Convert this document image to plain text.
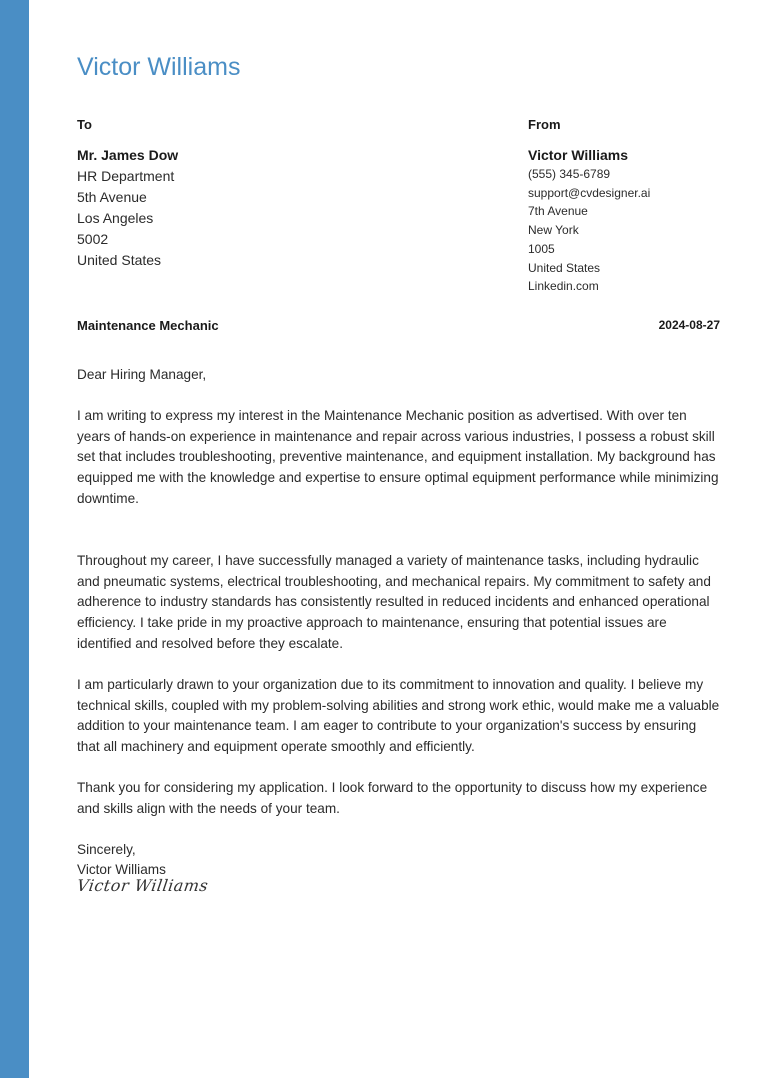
Victor Williams
To	From
Mr. James Dow
HR Department
5th Avenue
Los Angeles
5002
United States
Victor Williams
(555) 345-6789
support@cvdesigner.ai
7th Avenue
New York
1005
United States
Linkedin.com
Maintenance Mechanic	2024-08-27

Dear Hiring Manager,

I am writing to express my interest in the Maintenance Mechanic position as advertised. With over ten years of hands-on experience in maintenance and repair across various industries, I possess a robust skill set that includes troubleshooting, preventive maintenance, and equipment installation. My background has equipped me with the knowledge and expertise to ensure optimal equipment performance while minimizing downtime.

Throughout my career, I have successfully managed a variety of maintenance tasks, including hydraulic and pneumatic systems, electrical troubleshooting, and mechanical repairs. My commitment to safety and adherence to industry standards has consistently resulted in reduced incidents and enhanced operational efficiency. I take pride in my proactive approach to maintenance, ensuring that potential issues are identified and resolved before they escalate.

I am particularly drawn to your organization due to its commitment to innovation and quality. I believe my technical skills, coupled with my problem-solving abilities and strong work ethic, would make me a valuable addition to your maintenance team. I am eager to contribute to your organization's success by ensuring that all machinery and equipment operate smoothly and efficiently.

Thank you for considering my application. I look forward to the opportunity to discuss how my experience and skills align with the needs of your team.

Sincerely,

Victor Williams

Victor Williams
